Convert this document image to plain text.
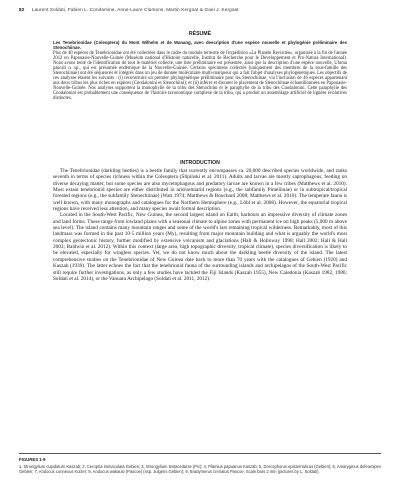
82 Laurent Soldati, Fabien L. Condamine, Anne-Laure Clamens, Martin Kergoat & Gael J. Kergoat
RÉSUMÉ

Les Tenebrionidae (Coleoptera) du Mont Wilhelm et de Wanang, avec description d'une espèce nouvelle et phylogénie préliminaire des Stenochiinae.

Plus de 40 espèces de Tenebrionidae ont été collectées dans le cadre du module terrestre de l'expédition «La Planète Revisitée», organisée à la fin de l'année 2012 en Papouasie-Nouvelle-Guinée (Muséum national d'Histoire naturelle, Institut de Recherche pour le Développement et Pro-Natura International). Nous avons tenté de l'identification de tout le matériel collecté, une liste préliminaire est présentée, ainsi que la description d'une espèce nouvelle, Uloma pascali n. sp., qui est présumée endémique de la Nouvelle-Guinée. Certains spécimens collectés (uniquement des membres de la sous-famille des Stenochiinae) ont été séquencés et intégrés dans un jeu de donnée moléculaire multi-marqueur qui a fait l'objet d'analyses phylogénétiques. Les objectifs de ces analyses étaient les suivants : (i) reconstruire un premier phylogénétique préliminaire pour les Stenochiinae, via l'inclusion de 46 espèces appartenant aux deux tribus les plus riches en espèces (Cnodalonini et Stenochiini); et (ii) inférer et discuter le placement de Stenochiinae échantillonnées en Papouasie-Nouvelle-Guinée. Nos analyses supportent la monophylie de la tribu des Stenochiini et le paraphylie de la tribu des Cnodalonini. Cette paraphylie des Cnodalonini est probablement une conséquence de l'histoire taxonomique complexe de la tribu, qui a produit un assemblage artificiel de lignées évolutives distinctes.

INTRODUCTION

The Tenebrionidae (darkling beetles) is a beetle family that currently encompasses ca. 20,000 described species worldwide, and ranks seventh in terms of species richness within the Coleoptera (Ślipiński et al. 2011). Adults and larvae are mostly saprophagous, feeding on diverse decaying matter, but some species are also mycetophagous and predatory larvae are known in a few tribes (Matthews et al. 2010). Most extant tenebrionid species are either distributed in arid/semiarid regions (e.g., the subfamily Pimeliinae) or in subtropical/tropical forested regions (e.g., the subfamily Stenochiinae) (Watt 1974; Matthews & Bouchard 2008; Matthews et al. 2010). The temperate fauna is well known, with many monographs and catalogues for the Northern Hemisphere (e.g., Löbl et al. 2008). However, the equatorial tropical regions have received less attention, and many species await formal description.

Located in the South-West Pacific, New Guinea, the second largest island on Earth, harbours an impressive diversity of climate zones and land forms. These range from lowland plains with a seasonal climate to alpine zones with permanent ice on high peaks (5,000 m above sea level). The island contains many mountain ranges and some of the world's last remaining tropical wilderness. Remarkably, most of this landmass was formed in the past 10-5 million years (My), resulting from major mountain building and what is arguably the world's most complex geotectonic history, further modified by extensive volcanism and glaciations (Hall & Holloway 1998; Hall 2002; Hall & Hall 2003; Baldwin et al. 2012). Within this context (large area, high topographic diversity, tropical climate), species diversification is likely to be elevated, especially for wingless species. Yet, we do not know much about the darkling beetle diversity of the island. The latest comprehensive studies on the Tenebrionidae of New Guinea date back to more than 70 years with the catalogues of Gebien (1920) and Kaszab (1939). The latter echoes the fact that the tenebrionid fauna of the surrounding islands and archipelagos of the South-West Pacific still require further investigations, as only a few studies have tackled the Fiji Islands (Kaszab 1955), New Caledonia (Kaszab 1982, 1986; Soldati et al. 2014), or the Vanuatu Archipelago (Soldati et al. 2011, 2012).

FIGURES 1-9
1, Strongylium cupidatum Kaszab; 2, Ceropria immaculata Gebien; 3, Strongylium testaceitarse (Pic); 4, Plamius papuanus Kaszab; 5, Dorcophorus episternalicus (Gebien); 6, Amarygmus defeomipes Gebien; 7, Andocus connexus Kulzer; 8, Andocus wakausi (Pascoe) (ssp. Julgens Gebien); 9, Bradymerus crenatus Pascoe. Scale bars 2 mm (pictures by L. Soldati).
